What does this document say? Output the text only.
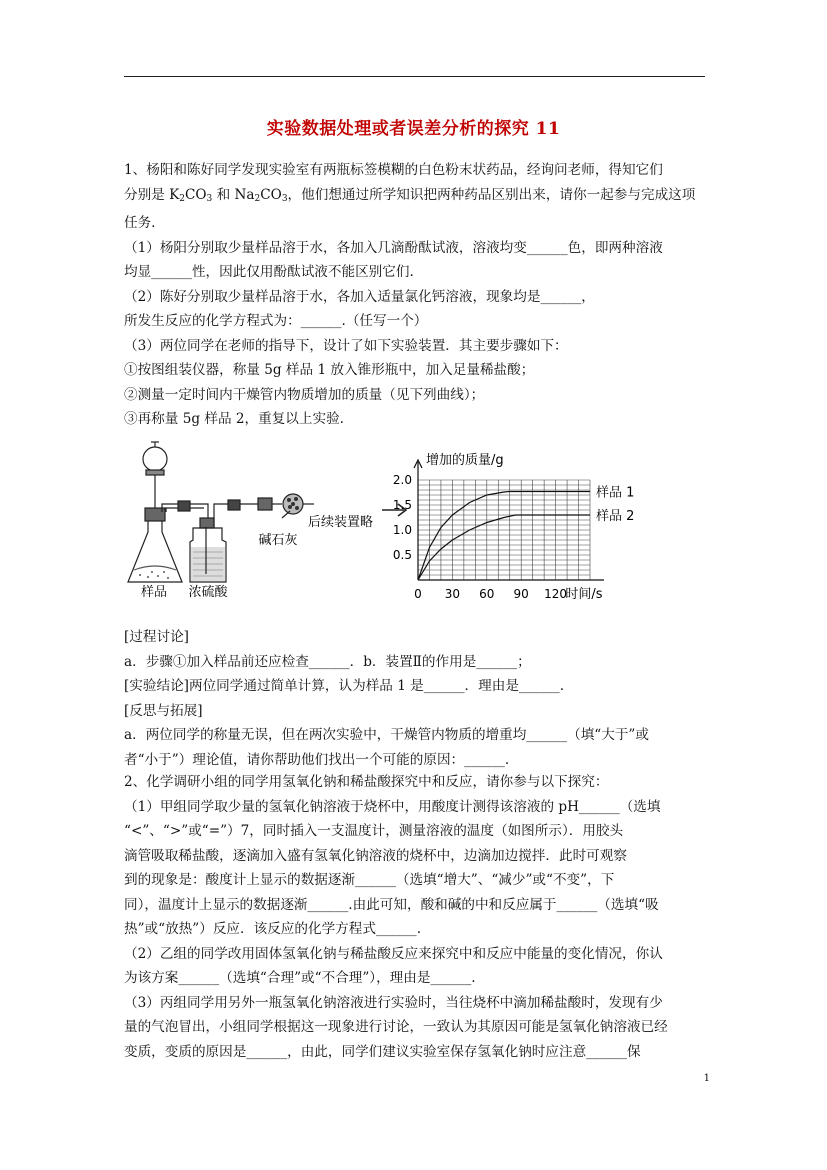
实验数据处理或者误差分析的探究 11

1、杨阳和陈好同学发现实验室有两瓶标签模糊的白色粉末状药品，经询问老师，得知它们

分别是 $K_2CO_3$ 和 $Na_2CO_3$，他们想通过所学知识把两种药品区别出来，请你一起参与完成这项

任务.

（1）杨阳分别取少量样品溶于水，各加入几滴酚酞试液，溶液均变______色，即两种溶液

均显______性，因此仅用酚酞试液不能区别它们.

（2）陈好分别取少量样品溶于水，各加入适量氯化钙溶液，现象均是______，

所发生反应的化学方程式为：______.（任写一个）

（3）两位同学在老师的指导下，设计了如下实验装置．其主要步骤如下：

①按图组装仪器，称量 5g 样品 1 放入锥形瓶中，加入足量稀盐酸；

②测量一定时间内干燥管内物质增加的质量（见下列曲线）；

③再称量 5g 样品 2，重复以上实验.

样品 浓硫酸
碱石灰
后续装置略
增加的质量/g
时间/s
0 30 60 90 120
0.5
1.0
1.5
2.0
样品 1
样品 2

[过程讨论]

a．步骤①加入样品前还应检查______．b．装置Ⅱ的作用是______；

[实验结论]两位同学通过简单计算，认为样品 1 是______．理由是______.

[反思与拓展]

a．两位同学的称量无误，但在两次实验中，干燥管内物质的增重均______（填“大于”或

者“小于”）理论值，请你帮助他们找出一个可能的原因：______.

2、化学调研小组的同学用氢氧化钠和稀盐酸探究中和反应，请你参与以下探究：

（1）甲组同学取少量的氢氧化钠溶液于烧杯中，用酸度计测得该溶液的 pH______（选填

“<”、“>”或“=”）7，同时插入一支温度计，测量溶液的温度（如图所示）．用胶头

滴管吸取稀盐酸，逐滴加入盛有氢氧化钠溶液的烧杯中，边滴加边搅拌．此时可观察

到的现象是：酸度计上显示的数据逐渐______（选填“增大”、“减少”或“不变”，下

同），温度计上显示的数据逐渐______.由此可知，酸和碱的中和反应属于______（选填“吸

热”或“放热”）反应．该反应的化学方程式______.

（2）乙组的同学改用固体氢氧化钠与稀盐酸反应来探究中和反应中能量的变化情况，你认

为该方案______（选填“合理”或“不合理”），理由是______.

（3）丙组同学用另外一瓶氢氧化钠溶液进行实验时，当往烧杯中滴加稀盐酸时，发现有少

量的气泡冒出，小组同学根据这一现象进行讨论，一致认为其原因可能是氢氧化钠溶液已经

变质，变质的原因是______，由此，同学们建议实验室保存氢氧化钠时应注意______保

1
